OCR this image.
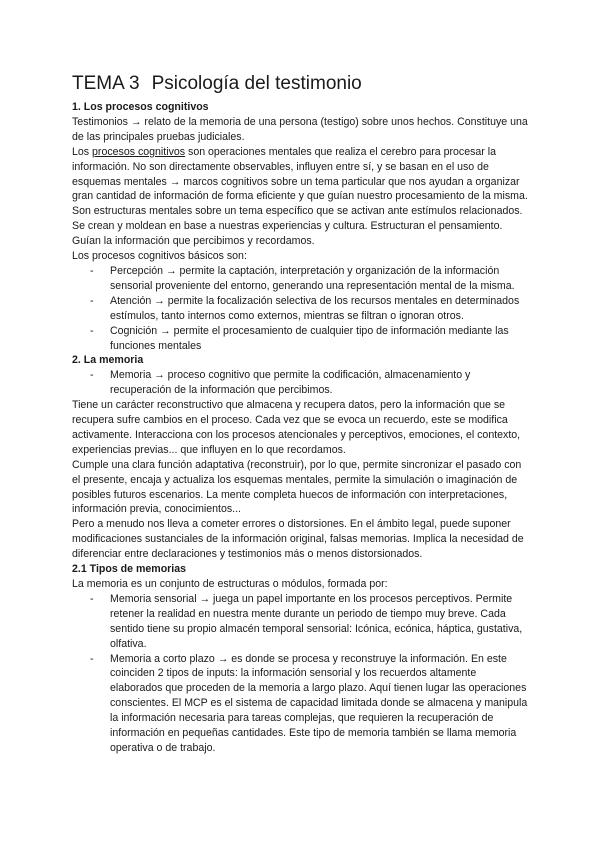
TEMA 3 Psicología del testimonio
1. Los procesos cognitivos

Testimonios → relato de la memoria de una persona (testigo) sobre unos hechos. Constituye una de las principales pruebas judiciales.

Los procesos cognitivos son operaciones mentales que realiza el cerebro para procesar la información. No son directamente observables, influyen entre sí, y se basan en el uso de esquemas mentales → marcos cognitivos sobre un tema particular que nos ayudan a organizar gran cantidad de información de forma eficiente y que guían nuestro procesamiento de la misma. Son estructuras mentales sobre un tema específico que se activan ante estímulos relacionados. Se crean y moldean en base a nuestras experiencias y cultura. Estructuran el pensamiento. Guían la información que percibimos y recordamos.

Los procesos cognitivos básicos son:

- Percepción → permite la captación, interpretación y organización de la información sensorial proveniente del entorno, generando una representación mental de la misma.
- Atención → permite la focalización selectiva de los recursos mentales en determinados estímulos, tanto internos como externos, mientras se filtran o ignoran otros.
- Cognición → permite el procesamiento de cualquier tipo de información mediante las funciones mentales
2. La memoria
- Memoria → proceso cognitivo que permite la codificación, almacenamiento y recuperación de la información que percibimos.

Tiene un carácter reconstructivo que almacena y recupera datos, pero la información que se recupera sufre cambios en el proceso. Cada vez que se evoca un recuerdo, este se modifica activamente. Interacciona con los procesos atencionales y perceptivos, emociones, el contexto, experiencias previas... que influyen en lo que recordamos.

Cumple una clara función adaptativa (reconstruir), por lo que, permite sincronizar el pasado con el presente, encaja y actualiza los esquemas mentales, permite la simulación o imaginación de posibles futuros escenarios. La mente completa huecos de información con interpretaciones, información previa, conocimientos...

Pero a menudo nos lleva a cometer errores o distorsiones. En el ámbito legal, puede suponer modificaciones sustanciales de la información original, falsas memorias. Implica la necesidad de diferenciar entre declaraciones y testimonios más o menos distorsionados.

2.1 Tipos de memorias

La memoria es un conjunto de estructuras o módulos, formada por:

- Memoria sensorial → juega un papel importante en los procesos perceptivos. Permite retener la realidad en nuestra mente durante un periodo de tiempo muy breve. Cada sentido tiene su propio almacén temporal sensorial: Icónica, ecónica, háptica, gustativa, olfativa.
- Memoria a corto plazo → es donde se procesa y reconstruye la información. En este coinciden 2 tipos de inputs: la información sensorial y los recuerdos altamente elaborados que proceden de la memoria a largo plazo. Aquí tienen lugar las operaciones conscientes. El MCP es el sistema de capacidad limitada donde se almacena y manipula la información necesaria para tareas complejas, que requieren la recuperación de información en pequeñas cantidades. Este tipo de memoria también se llama memoria operativa o de trabajo.
